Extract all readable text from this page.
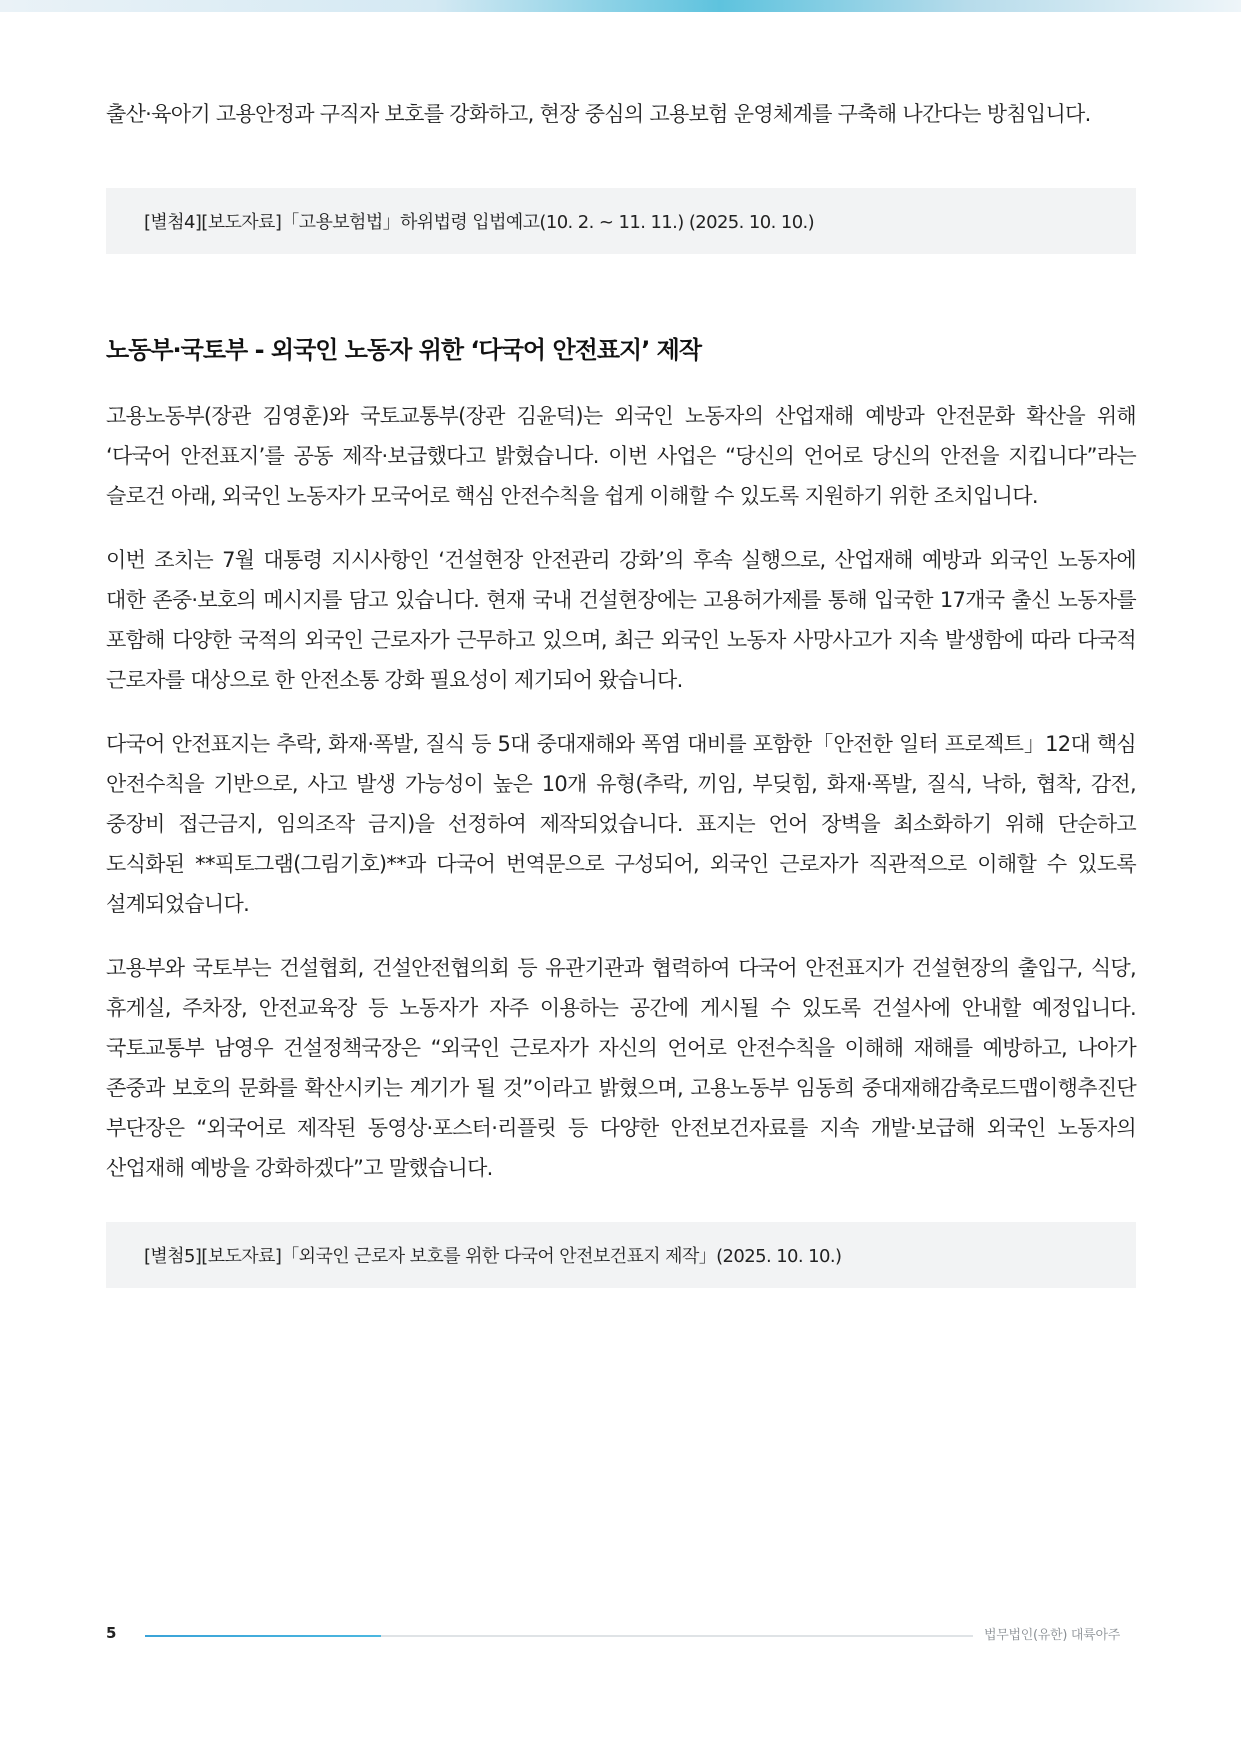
출산·육아기 고용안정과 구직자 보호를 강화하고, 현장 중심의 고용보험 운영체계를 구축해 나간다는 방침입니다.

[별첨4][보도자료]「고용보험법」하위법령 입법예고(10. 2. ~ 11. 11.) (2025. 10. 10.)
노동부·국토부 - 외국인 노동자 위한 ‘다국어 안전표지’ 제작

고용노동부(장관 김영훈)와 국토교통부(장관 김윤덕)는 외국인 노동자의 산업재해 예방과 안전문화 확산을 위해 ‘다국어 안전표지’를 공동 제작·보급했다고 밝혔습니다. 이번 사업은 “당신의 언어로 당신의 안전을 지킵니다”라는 슬로건 아래, 외국인 노동자가 모국어로 핵심 안전수칙을 쉽게 이해할 수 있도록 지원하기 위한 조치입니다.

이번 조치는 7월 대통령 지시사항인 ‘건설현장 안전관리 강화’의 후속 실행으로, 산업재해 예방과 외국인 노동자에 대한 존중·보호의 메시지를 담고 있습니다. 현재 국내 건설현장에는 고용허가제를 통해 입국한 17개국 출신 노동자를 포함해 다양한 국적의 외국인 근로자가 근무하고 있으며, 최근 외국인 노동자 사망사고가 지속 발생함에 따라 다국적 근로자를 대상으로 한 안전소통 강화 필요성이 제기되어 왔습니다.

다국어 안전표지는 추락, 화재·폭발, 질식 등 5대 중대재해와 폭염 대비를 포함한「안전한 일터 프로젝트」12대 핵심 안전수칙을 기반으로, 사고 발생 가능성이 높은 10개 유형(추락, 끼임, 부딪힘, 화재·폭발, 질식, 낙하, 협착, 감전, 중장비 접근금지, 임의조작 금지)을 선정하여 제작되었습니다. 표지는 언어 장벽을 최소화하기 위해 단순하고 도식화된 **픽토그램(그림기호)**과 다국어 번역문으로 구성되어, 외국인 근로자가 직관적으로 이해할 수 있도록 설계되었습니다.

고용부와 국토부는 건설협회, 건설안전협의회 등 유관기관과 협력하여 다국어 안전표지가 건설현장의 출입구, 식당, 휴게실, 주차장, 안전교육장 등 노동자가 자주 이용하는 공간에 게시될 수 있도록 건설사에 안내할 예정입니다. 국토교통부 남영우 건설정책국장은 “외국인 근로자가 자신의 언어로 안전수칙을 이해해 재해를 예방하고, 나아가 존중과 보호의 문화를 확산시키는 계기가 될 것”이라고 밝혔으며, 고용노동부 임동희 중대재해감축로드맵이행추진단 부단장은 “외국어로 제작된 동영상·포스터·리플릿 등 다양한 안전보건자료를 지속 개발·보급해 외국인 노동자의 산업재해 예방을 강화하겠다”고 말했습니다.

[별첨5][보도자료]「외국인 근로자 보호를 위한 다국어 안전보건표지 제작」(2025. 10. 10.)
5	법무법인(유한) 대륙아주
